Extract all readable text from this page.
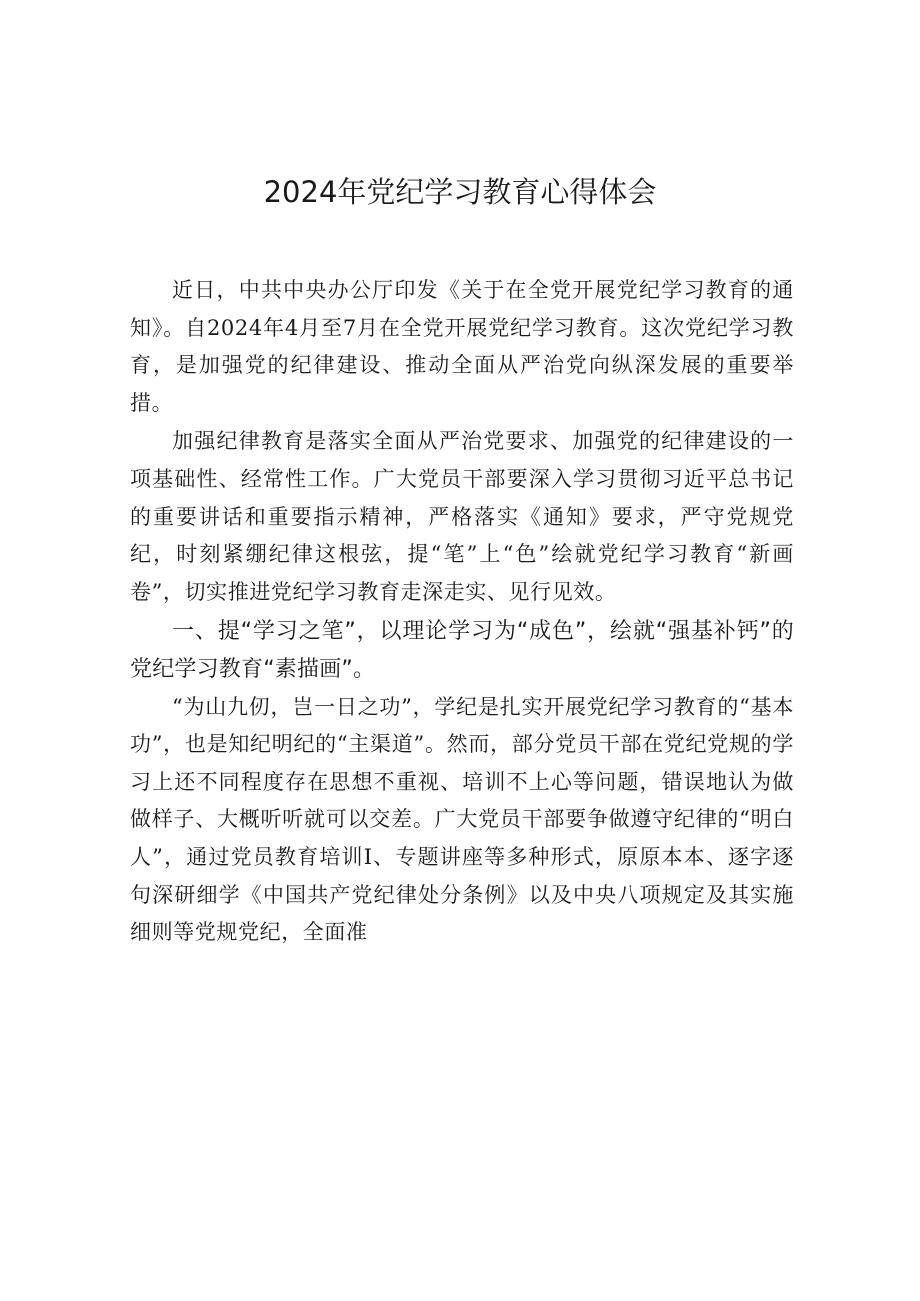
2024年党纪学习教育心得体会

近日，中共中央办公厅印发《关于在全党开展党纪学习教育的通知》。自2024年4月至7月在全党开展党纪学习教育。这次党纪学习教育，是加强党的纪律建设、推动全面从严治党向纵深发展的重要举措。

加强纪律教育是落实全面从严治党要求、加强党的纪律建设的一项基础性、经常性工作。广大党员干部要深入学习贯彻习近平总书记的重要讲话和重要指示精神，严格落实《通知》要求，严守党规党纪，时刻紧绷纪律这根弦，提“笔”上“色”绘就党纪学习教育“新画卷”，切实推进党纪学习教育走深走实、见行见效。

一、提“学习之笔”，以理论学习为“成色”，绘就“强基补钙”的党纪学习教育“素描画”。

“为山九仞，岂一日之功”，学纪是扎实开展党纪学习教育的“基本功”，也是知纪明纪的“主渠道”。然而，部分党员干部在党纪党规的学习上还不同程度存在思想不重视、培训不上心等问题，错误地认为做做样子、大概听听就可以交差。广大党员干部要争做遵守纪律的“明白人”，通过党员教育培训Ⅰ、专题讲座等多种形式，原原本本、逐字逐句深研细学《中国共产党纪律处分条例》以及中央八项规定及其实施细则等党规党纪，全面准
